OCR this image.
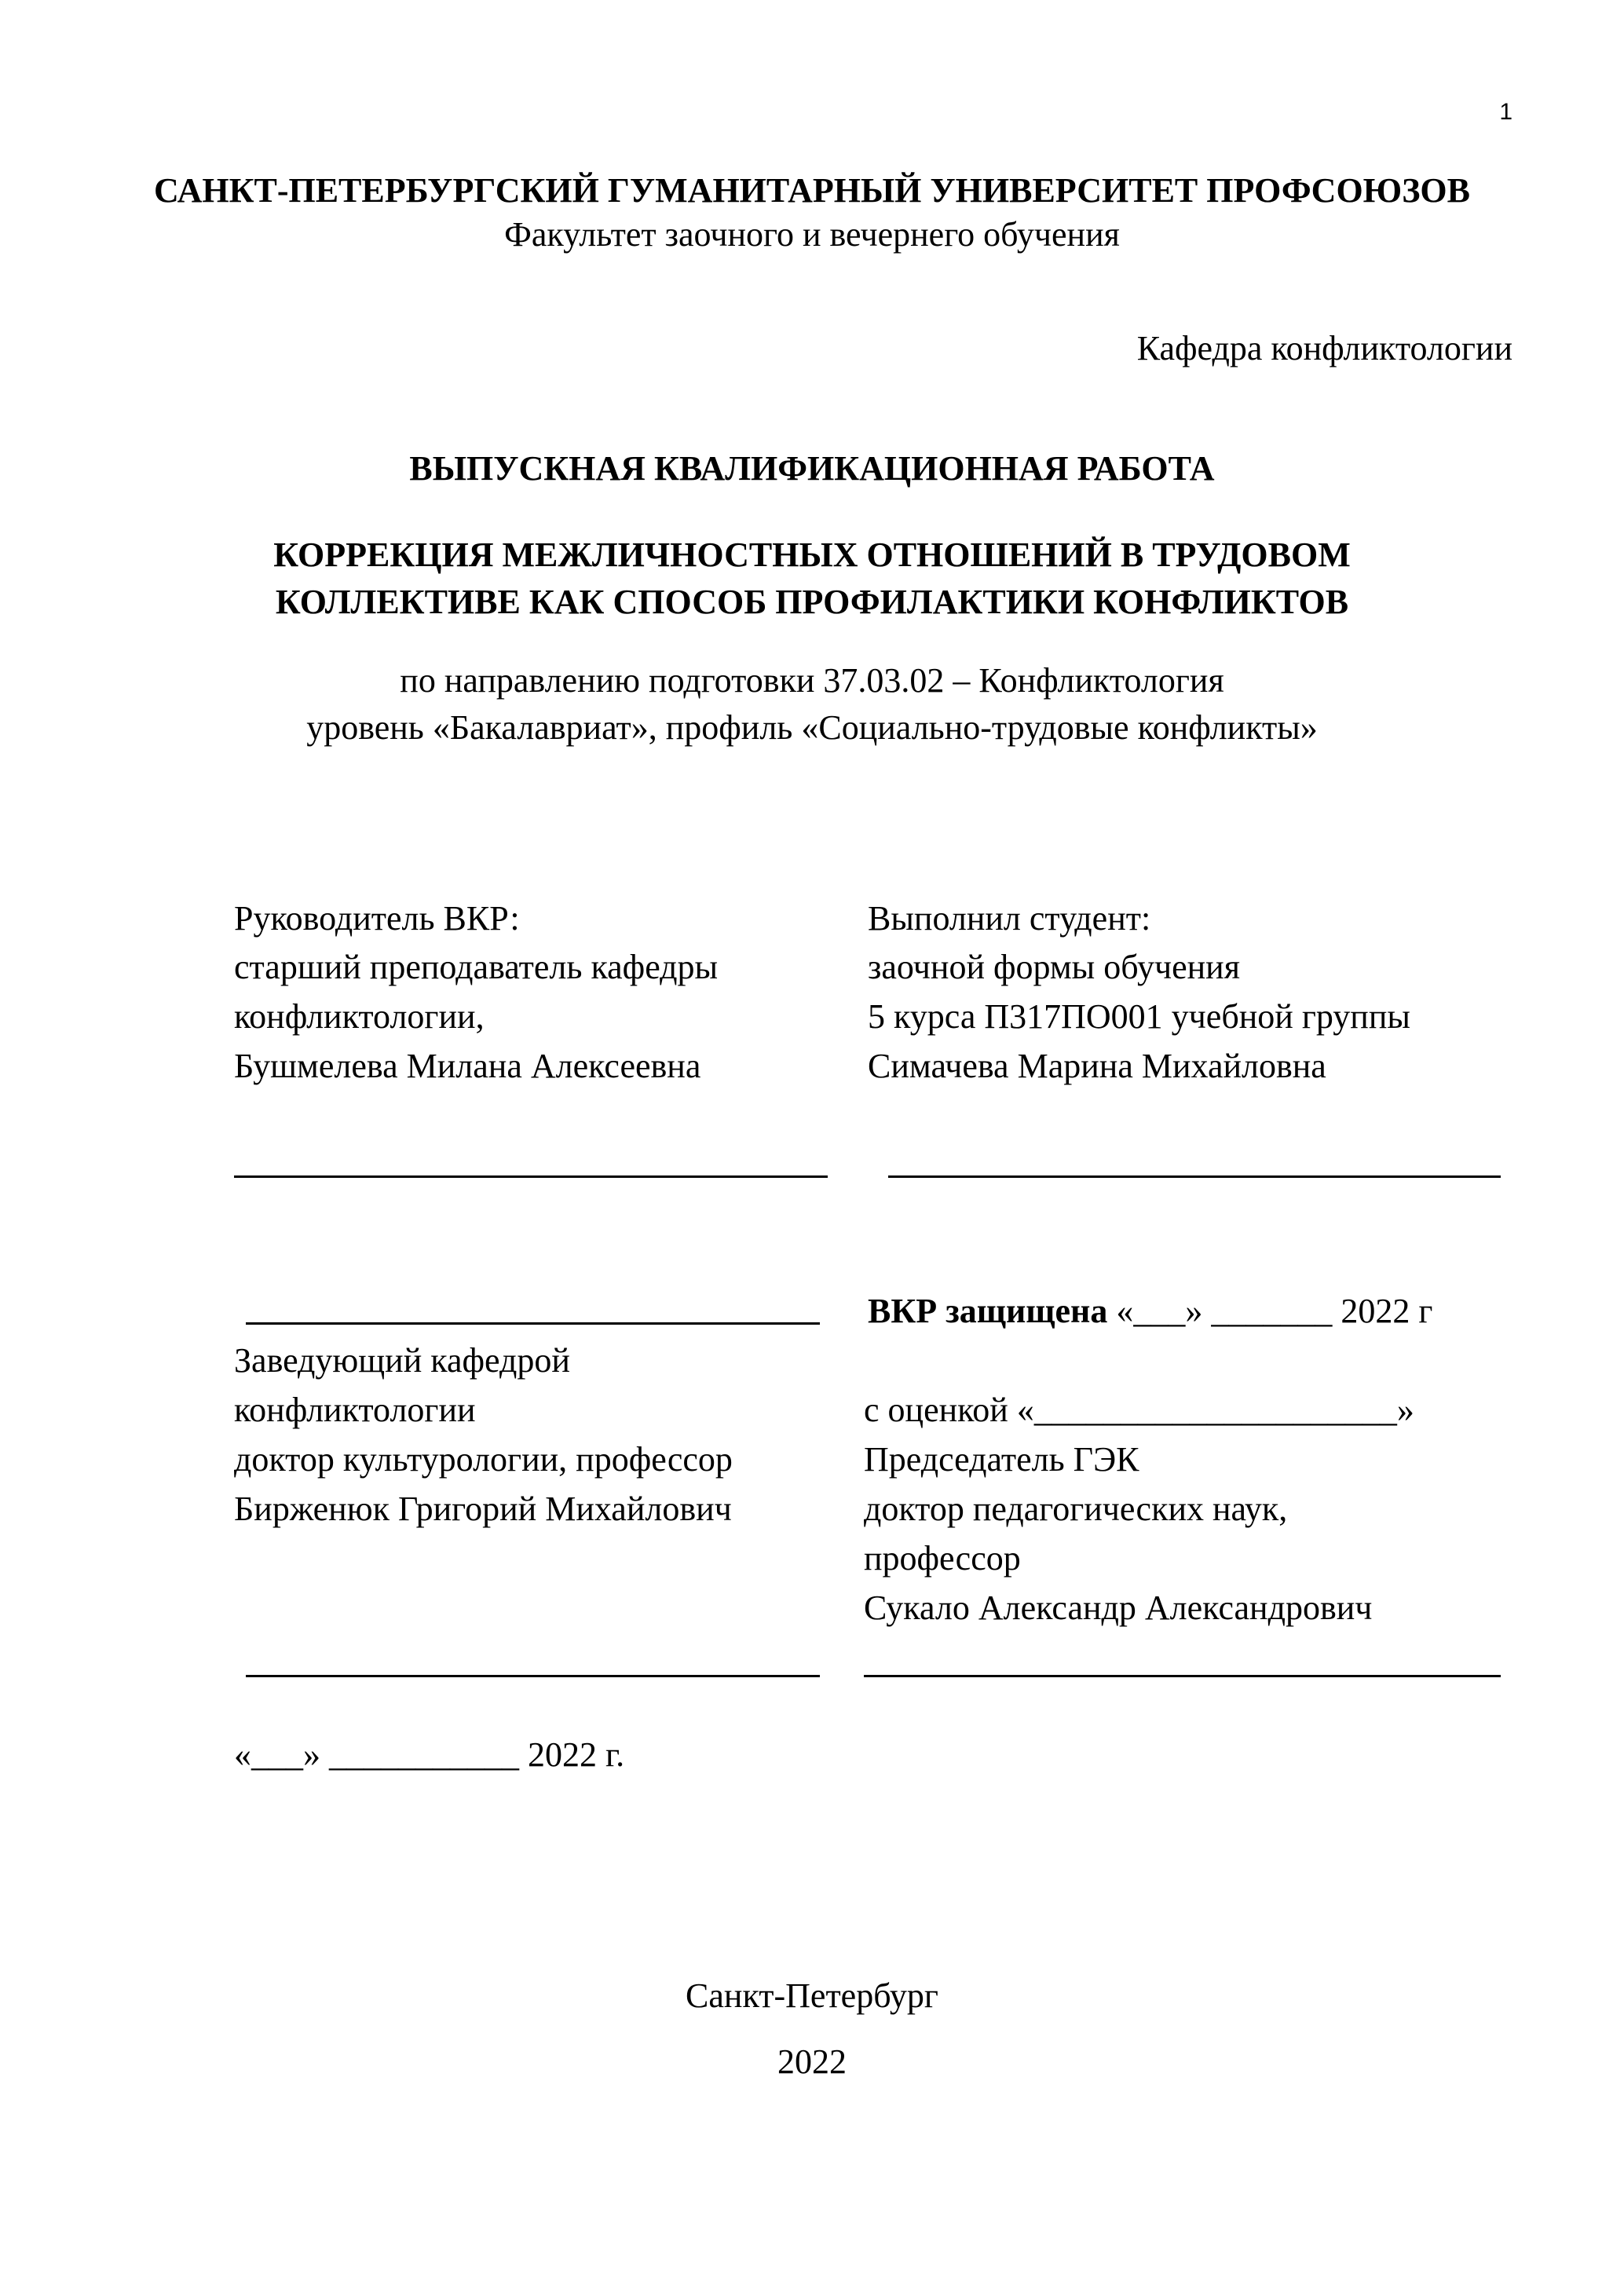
1
САНКТ-ПЕТЕРБУРГСКИЙ ГУМАНИТАРНЫЙ УНИВЕРСИТЕТ ПРОФСОЮЗОВ
Факультет заочного и вечернего обучения
Кафедра конфликтологии
ВЫПУСКНАЯ КВАЛИФИКАЦИОННАЯ РАБОТА
КОРРЕКЦИЯ МЕЖЛИЧНОСТНЫХ ОТНОШЕНИЙ В ТРУДОВОМ
КОЛЛЕКТИВЕ КАК СПОСОБ ПРОФИЛАКТИКИ КОНФЛИКТОВ
по направлению подготовки 37.03.02 – Конфликтология
уровень «Бакалавриат», профиль «Социально-трудовые конфликты»
Руководитель ВКР:
старший преподаватель кафедры
конфликтологии,
Бушмелева Милана Алексеевна
Выполнил студент:
заочной формы обучения
5 курса П317ПО001 учебной группы
Симачева Марина Михайловна
Заведующий кафедрой
конфликтологии
доктор культурологии, профессор
Бирженюк Григорий Михайлович
ВКР защищена «___» _______ 2022 г
с оценкой «_____________________»
Председатель ГЭК
доктор педагогических наук,
профессор
Сукало Александр Александрович
«___» ___________ 2022 г.
Санкт-Петербург
2022
